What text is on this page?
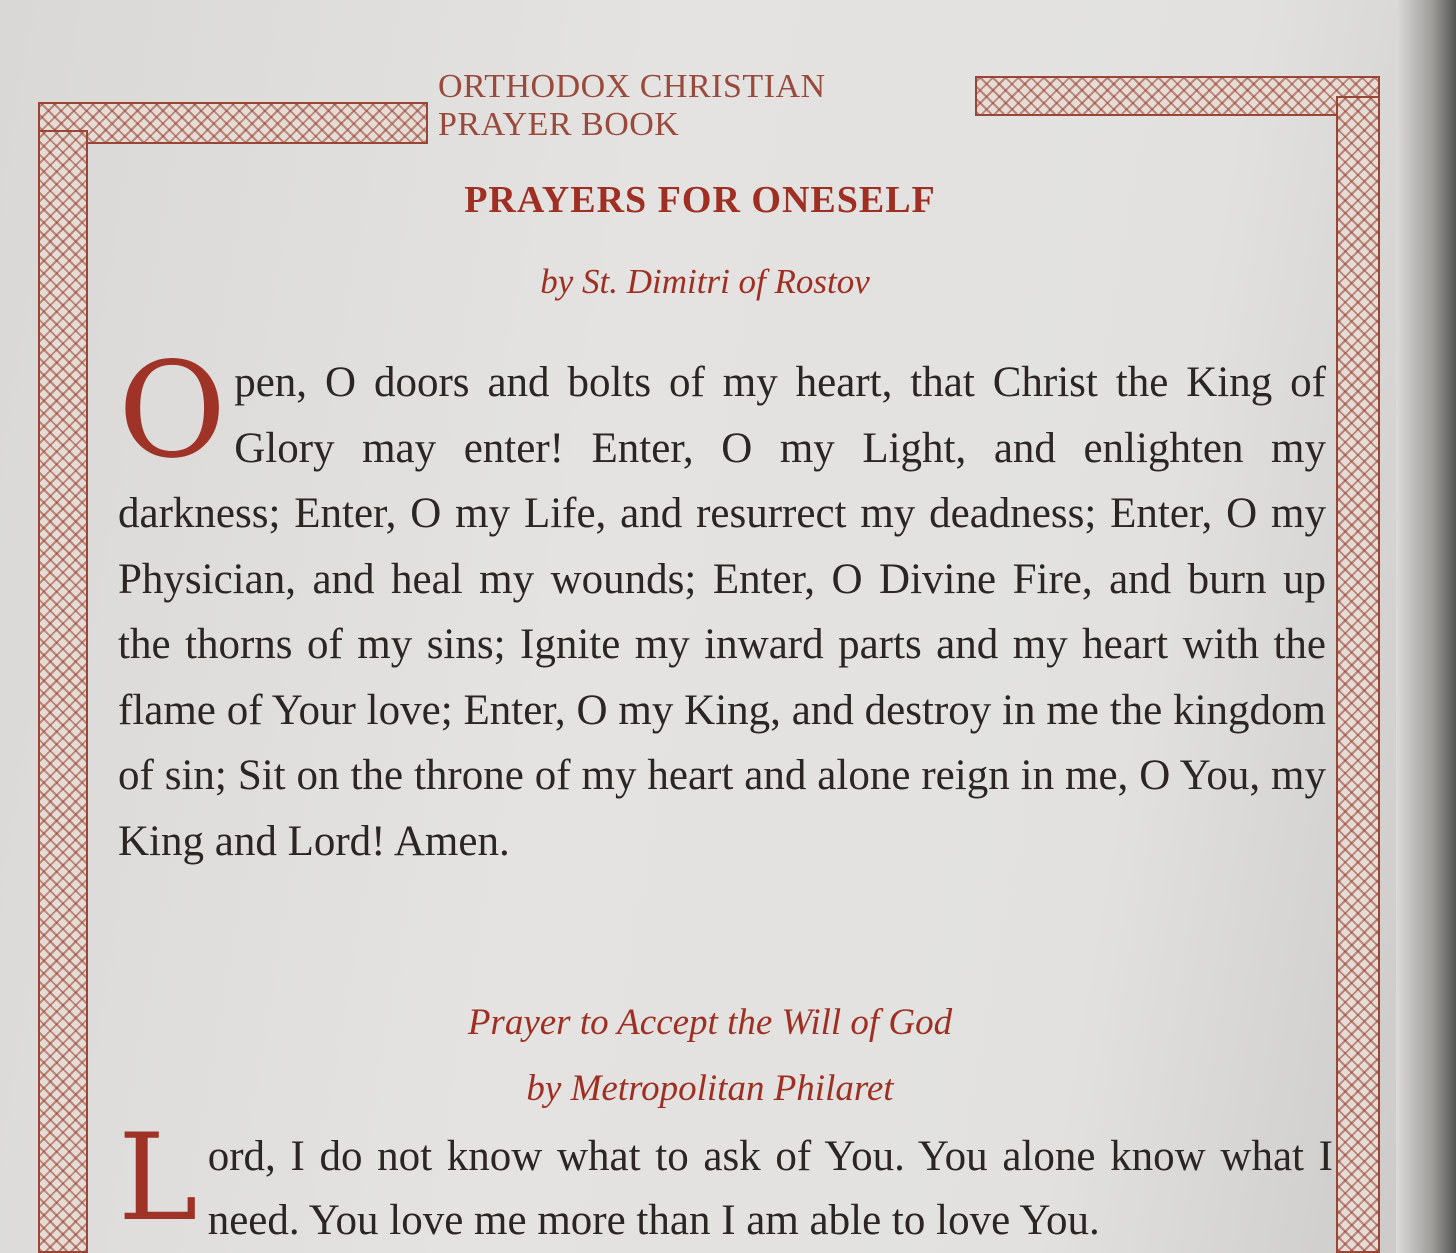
ORTHODOX CHRISTIAN PRAYER BOOK
PRAYERS FOR ONESELF
by St. Dimitri of Rostov
O pen, O doors and bolts of my heart, that Christ the King of Glory may enter! Enter, O my Light, and enlighten my darkness; Enter, O my Life, and resurrect my deadness; Enter, O my Physician, and heal my wounds; Enter, O Divine Fire, and burn up the thorns of my sins; Ignite my inward parts and my heart with the flame of Your love; Enter, O my King, and destroy in me the kingdom of sin; Sit on the throne of my heart and alone reign in me, O You, my King and Lord! Amen.
Prayer to Accept the Will of God
by Metropolitan Philaret
L ord, I do not know what to ask of You. You alone know what I need. You love me more than I am able to love You.
